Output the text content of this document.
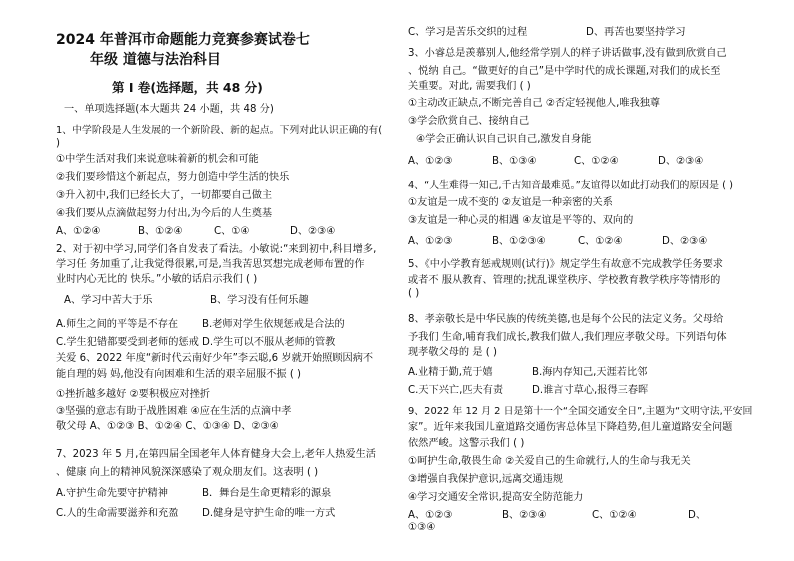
2024 年普洱市命题能力竞赛参赛试卷七
年级 道德与法治科目
第 I 卷(选择题，共 48 分)
一、单项选择题(本大题共 24 小题，共 48 分)
1、中学阶段是人生发展的一个新阶段、新的起点。下列对此认识正确的有(
)
①中学生活对我们来说意味着新的机会和可能
②我们要珍惜这个新起点，努力创造中学生活的快乐
③升入初中,我们已经长大了，一切都要自己做主
④我们要从点滴做起努力付出,为今后的人生奠基
A、①②④	B、①②④	C、①④	D、②③④
2、对于初中学习,同学们各自发表了看法。小敏说:“来到初中,科目增多,
学习任 务加重了,让我觉得很累,可是,当我苦思冥想完成老师布置的作
业时内心无比的 快乐。”小敏的话启示我们 ( )
A、学习中苦大于乐	B、学习没有任何乐趣
A.师生之间的平等是不存在	B.老师对学生依规惩戒是合法的
C.学生犯错都要受到老师的惩戒 D.学生可以不服从老师的管教
关爱 6、2022 年度“新时代云南好少年”李云聪,6 岁就开始照顾因病不
能自理的妈 妈,他没有向困难和生活的艰辛屈服不振 ( )
①挫折越多越好 ②要积极应对挫折
③坚强的意志有助于战胜困难 ④应在生活的点滴中孝
敬父母 A、①②③ B、①②④ C、①③④ D、②③④
7、2023 年 5 月,在第四届全国老年人体育健身大会上,老年人热爱生活
、健康 向上的精神风貌深深感染了观众朋友们。这表明 ( )
A.守护生命先要守护精神	B．舞台是生命更精彩的源泉
C.人的生命需要滋养和充盈	D.健身是守护生命的唯一方式
C、学习是苦乐交织的过程	D、再苦也要坚持学习
3、小睿总是羡慕别人,他经常学别人的样子讲话做事,没有做到欣赏自己
、悦纳 自己。“做更好的自己”是中学时代的成长课题,对我们的成长至
关重要。对此, 需要我们 ( )
①主动改正缺点,不断完善自己 ②否定轻视他人,唯我独尊
③学会欣赏自己、接纳自己
④学会正确认识自己识自己,激发自身能
A、①②③	B、①③④	C、①②④	D、②③④
4、“人生难得一知己,千古知音最难觅。”友谊得以如此打动我们的原因是 ( )
①友谊是一成不变的 ②友谊是一种亲密的关系
③友谊是一种心灵的相遇 ④友谊是平等的、双向的
A、①②③	B、①②③④	C、①②④	D、②③④
5、《中小学教育惩戒规则(试行)》规定学生有故意不完成教学任务要求
或者不 服从教育、管理的;扰乱课堂秩序、学校教育教学秩序等情形的
( )
8、孝亲敬长是中华民族的传统美德,也是每个公民的法定义务。父母给
予我们 生命,哺育我们成长,教我们做人,我们理应孝敬父母。下列语句体
现孝敬父母的 是 ( )
A.业精于勤,荒于嬉	B.海内存知己,天涯若比邻
C.天下兴亡,匹夫有责	D.谁言寸草心,报得三春晖
9、2022 年 12 月 2 日是第十一个“全国交通安全日”,主题为“文明守法,平安回
家”。近年来我国儿童道路交通伤害总体呈下降趋势,但儿童道路安全问题
依然严峻。这警示我们 ( )
①呵护生命,敬畏生命 ②关爱自己的生命就行,人的生命与我无关
③增强自我保护意识,远离交通违规
④学习交通安全常识,提高安全防范能力
A、①②③	B、②③④	C、①②④	D、
①③④
